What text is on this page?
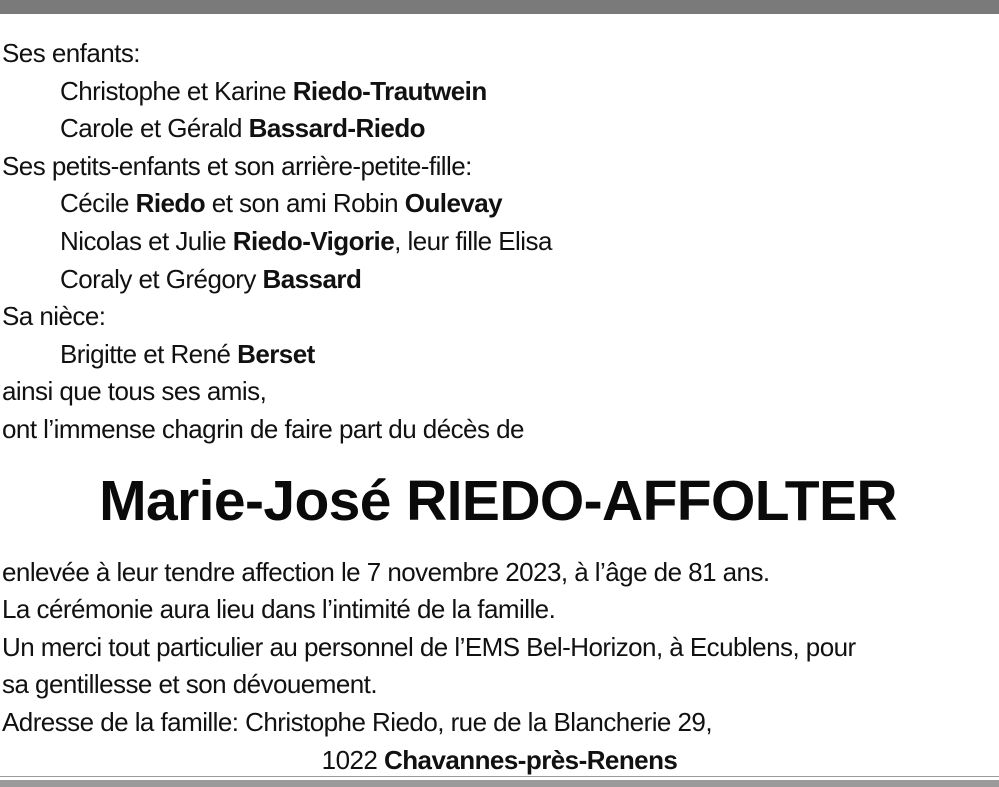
Ses enfants:
Christophe et Karine Riedo-Trautwein
Carole et Gérald Bassard-Riedo
Ses petits-enfants et son arrière-petite-fille:
Cécile Riedo et son ami Robin Oulevay
Nicolas et Julie Riedo-Vigorie, leur fille Elisa
Coraly et Grégory Bassard
Sa nièce:
Brigitte et René Berset
ainsi que tous ses amis,
ont l’immense chagrin de faire part du décès de
Marie-José RIEDO-AFFOLTER
enlevée à leur tendre affection le 7 novembre 2023, à l’âge de 81 ans.
La cérémonie aura lieu dans l’intimité de la famille.
Un merci tout particulier au personnel de l’EMS Bel-Horizon, à Ecublens, pour
sa gentillesse et son dévouement.
Adresse de la famille: Christophe Riedo, rue de la Blancherie 29,
1022 Chavannes-près-Renens
